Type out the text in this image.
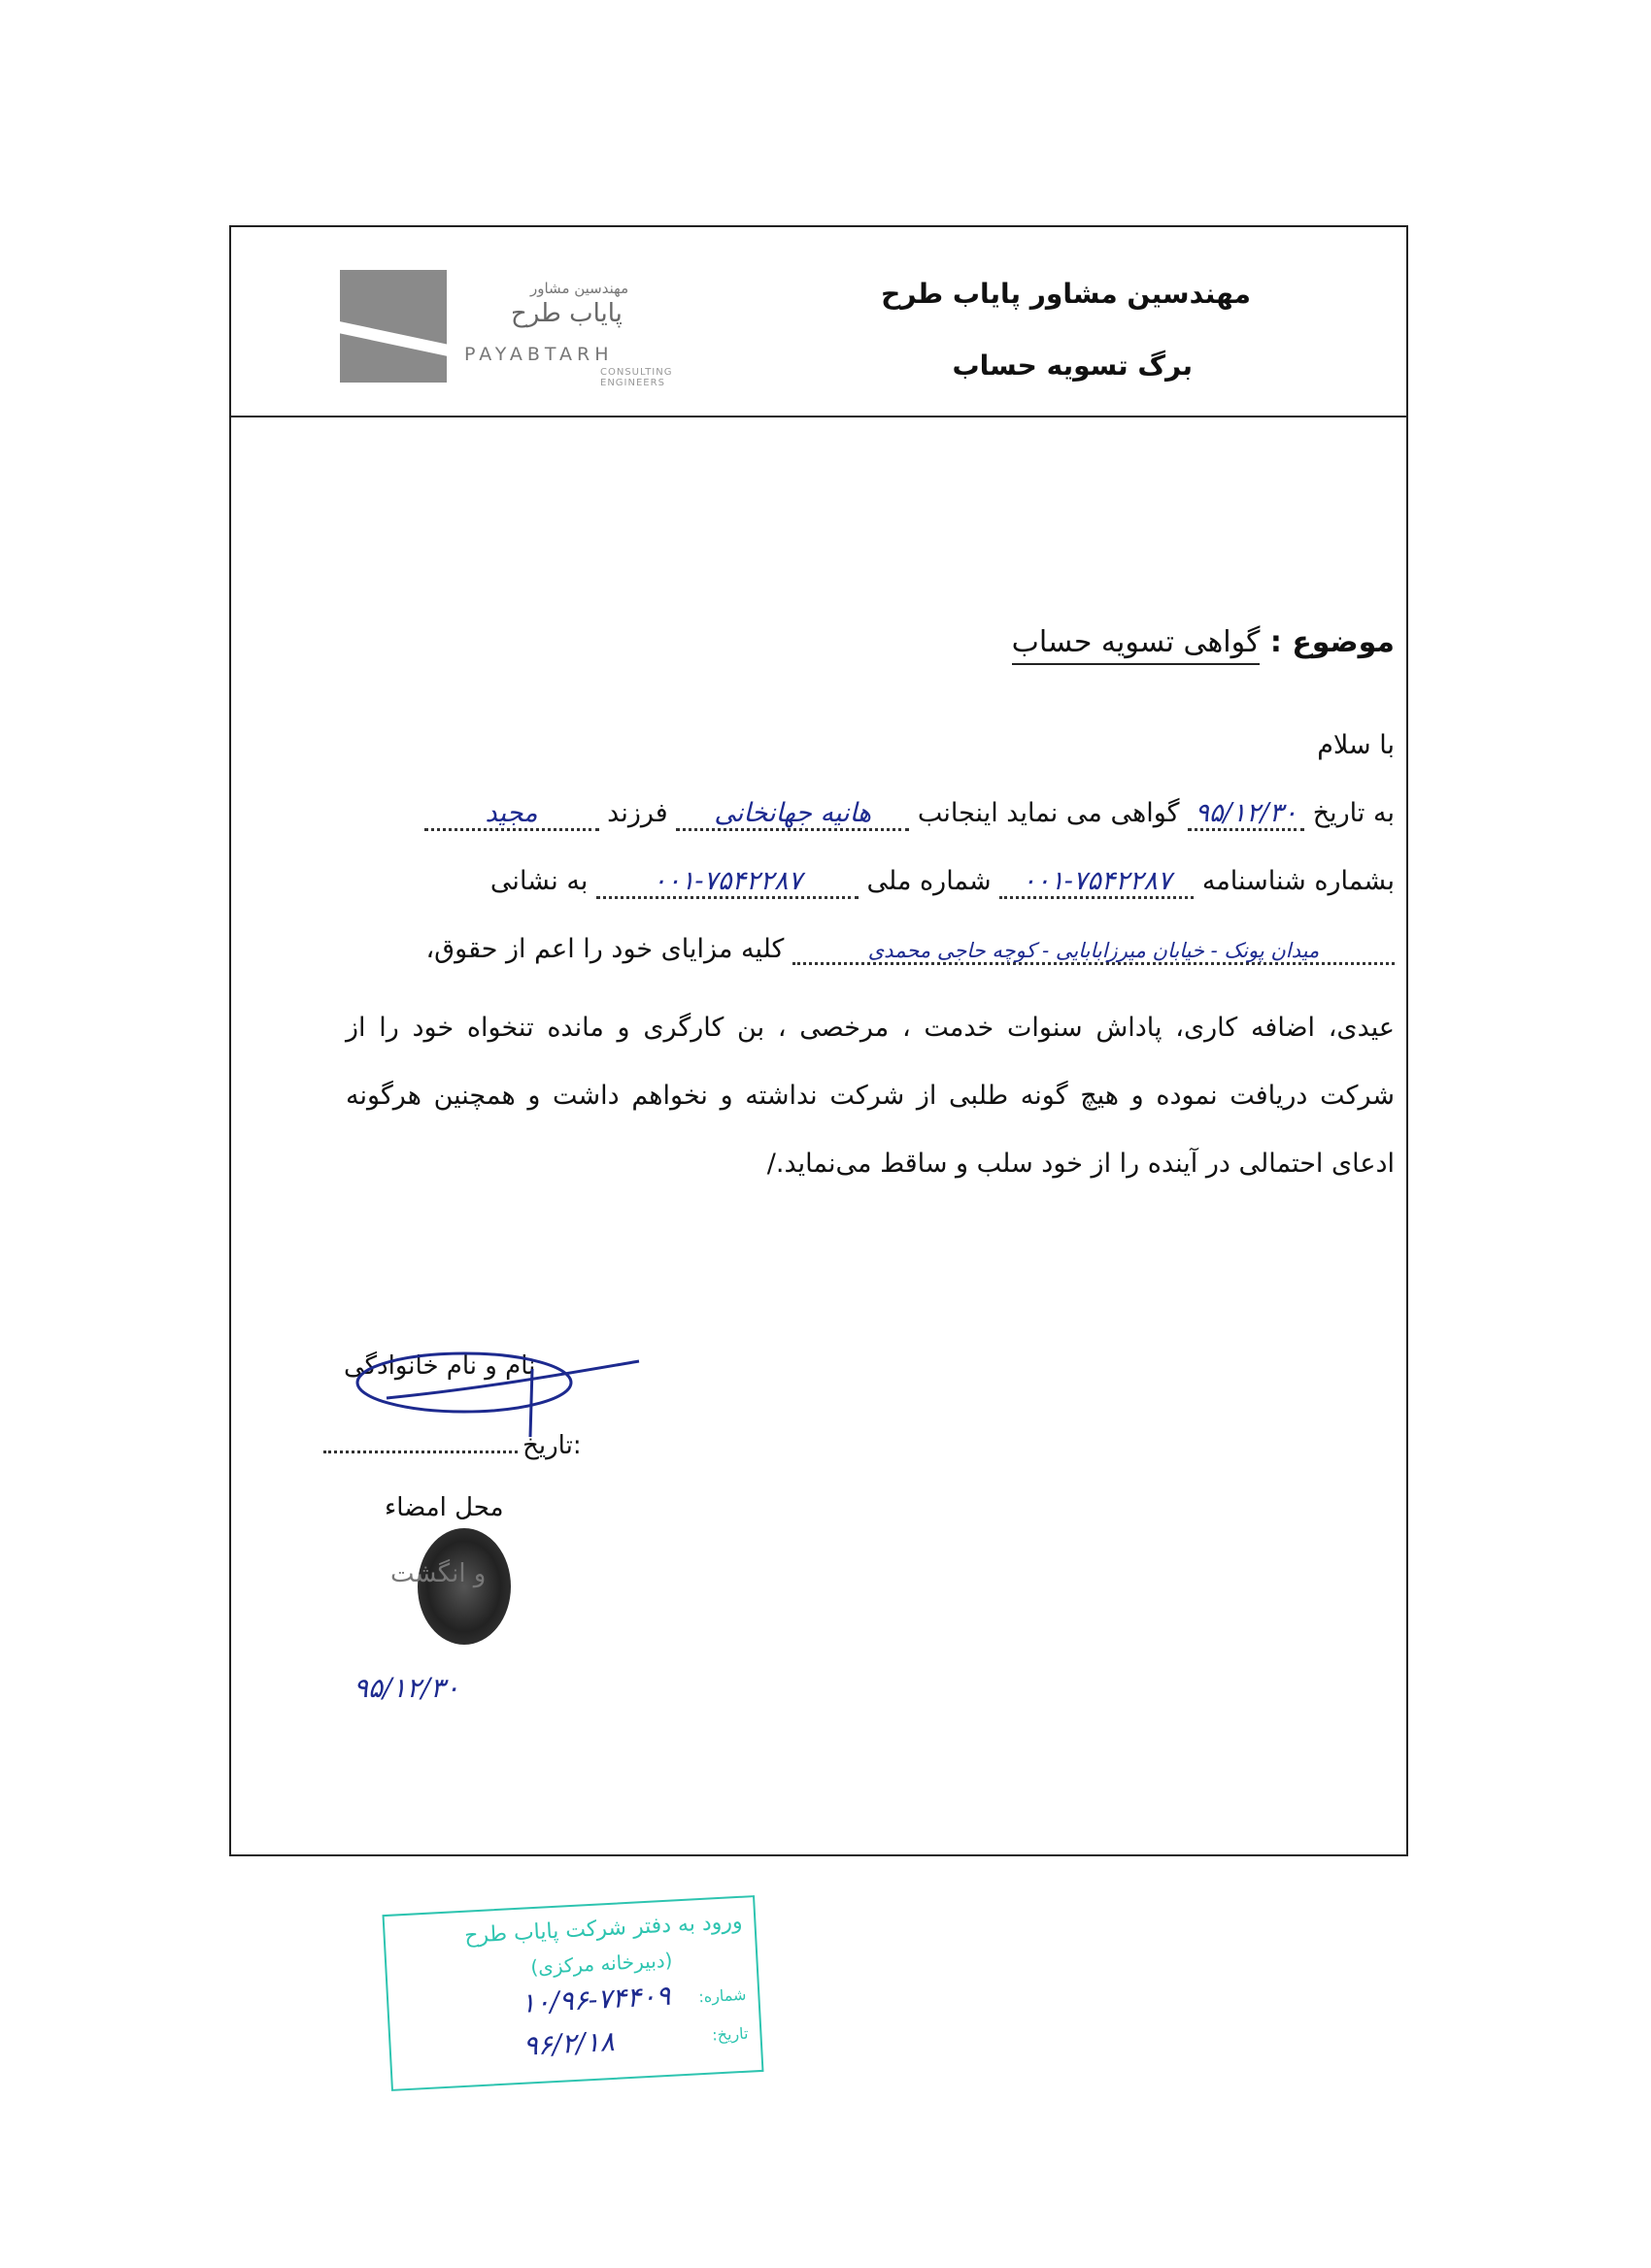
مهندسین مشاور
پایاب طرح
PAYABTARH
CONSULTING ENGINEERS
مهندسین مشاور پایاب طرح
برگ تسویه حساب
موضوع : گواهی تسویه حساب
با سلام
به تاریخ ۹۵/۱۲/۳۰ گواهی می نماید اینجانب هانیه جهانخانی فرزند مجید
بشماره شناسنامه ۰۰۱-۷۵۴۲۲۸۷ شماره ملی ۰۰۱-۷۵۴۲۲۸۷ به نشانی
میدان پونک - خیابان میرزابابایی - کوچه حاجی محمدی کلیه مزایای خود را اعم از حقوق،
عیدی، اضافه کاری، پاداش سنوات خدمت ، مرخصی ، بن کارگری و مانده تنخواه خود را از شرکت دریافت نموده و هیچ گونه طلبی از شرکت نداشته و نخواهم داشت و همچنین هرگونه ادعای احتمالی در آینده را از خود سلب و ساقط می‌نماید./
نام و نام خانوادگی
تاریخ:
محل امضاء
و انگشت
۹۵/۱۲/۳۰
ورود به دفتر شرکت پایاب طرح
(دبیرخانه مرکزی)
شماره:
۱۰/۹۶-۷۴۴۰۹
تاریخ:
۹۶/۲/۱۸
